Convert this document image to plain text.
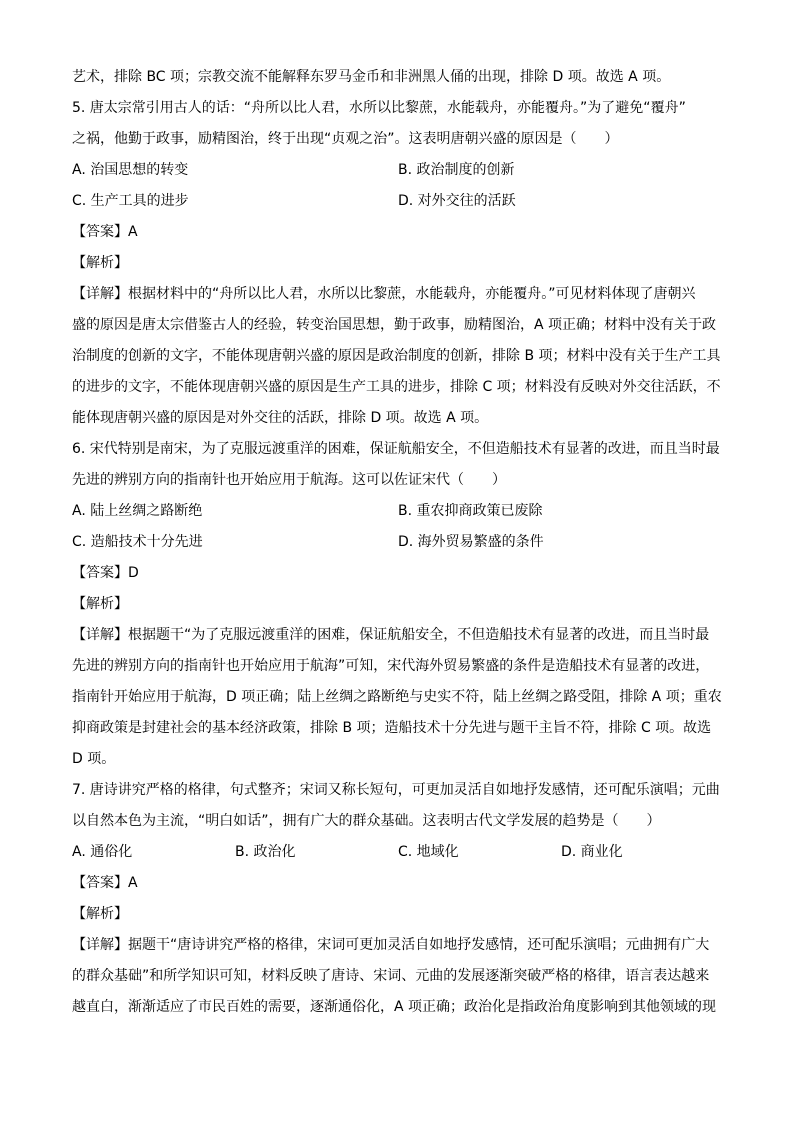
艺术，排除 BC 项；宗教交流不能解释东罗马金币和非洲黑人俑的出现，排除 D 项。故选 A 项。
5. 唐太宗常引用古人的话：“舟所以比人君，水所以比黎蔗，水能载舟，亦能覆舟。”为了避免“覆舟”
之祸，他勤于政事，励精图治，终于出现“贞观之治”。这表明唐朝兴盛的原因是（　　）
A. 治国思想的转变	B. 政治制度的创新
C. 生产工具的进步	D. 对外交往的活跃
【答案】A
【解析】
【详解】根据材料中的“舟所以比人君，水所以比黎蔗，水能载舟，亦能覆舟。”可见材料体现了唐朝兴
盛的原因是唐太宗借鉴古人的经验，转变治国思想，勤于政事，励精图治，A 项正确；材料中没有关于政
治制度的创新的文字，不能体现唐朝兴盛的原因是政治制度的创新，排除 B 项；材料中没有关于生产工具
的进步的文字，不能体现唐朝兴盛的原因是生产工具的进步，排除 C 项；材料没有反映对外交往活跃，不
能体现唐朝兴盛的原因是对外交往的活跃，排除 D 项。故选 A 项。
6. 宋代特别是南宋，为了克服远渡重洋的困难，保证航船安全，不但造船技术有显著的改进，而且当时最
先进的辨别方向的指南针也开始应用于航海。这可以佐证宋代（　　）
A. 陆上丝绸之路断绝	B. 重农抑商政策已废除
C. 造船技术十分先进	D. 海外贸易繁盛的条件
【答案】D
【解析】
【详解】根据题干“为了克服远渡重洋的困难，保证航船安全，不但造船技术有显著的改进，而且当时最
先进的辨别方向的指南针也开始应用于航海”可知，宋代海外贸易繁盛的条件是造船技术有显著的改进，
指南针开始应用于航海，D 项正确；陆上丝绸之路断绝与史实不符，陆上丝绸之路受阻，排除 A 项；重农
抑商政策是封建社会的基本经济政策，排除 B 项；造船技术十分先进与题干主旨不符，排除 C 项。故选
D 项。
7. 唐诗讲究严格的格律，句式整齐；宋词又称长短句，可更加灵活自如地抒发感情，还可配乐演唱；元曲
以自然本色为主流，“明白如话”，拥有广大的群众基础。这表明古代文学发展的趋势是（　　）
A. 通俗化	B. 政治化	C. 地域化	D. 商业化
【答案】A
【解析】
【详解】据题干“唐诗讲究严格的格律，宋词可更加灵活自如地抒发感情，还可配乐演唱；元曲拥有广大
的群众基础”和所学知识可知，材料反映了唐诗、宋词、元曲的发展逐渐突破严格的格律，语言表达越来
越直白，渐渐适应了市民百姓的需要，逐渐通俗化，A 项正确；政治化是指政治角度影响到其他领域的现
